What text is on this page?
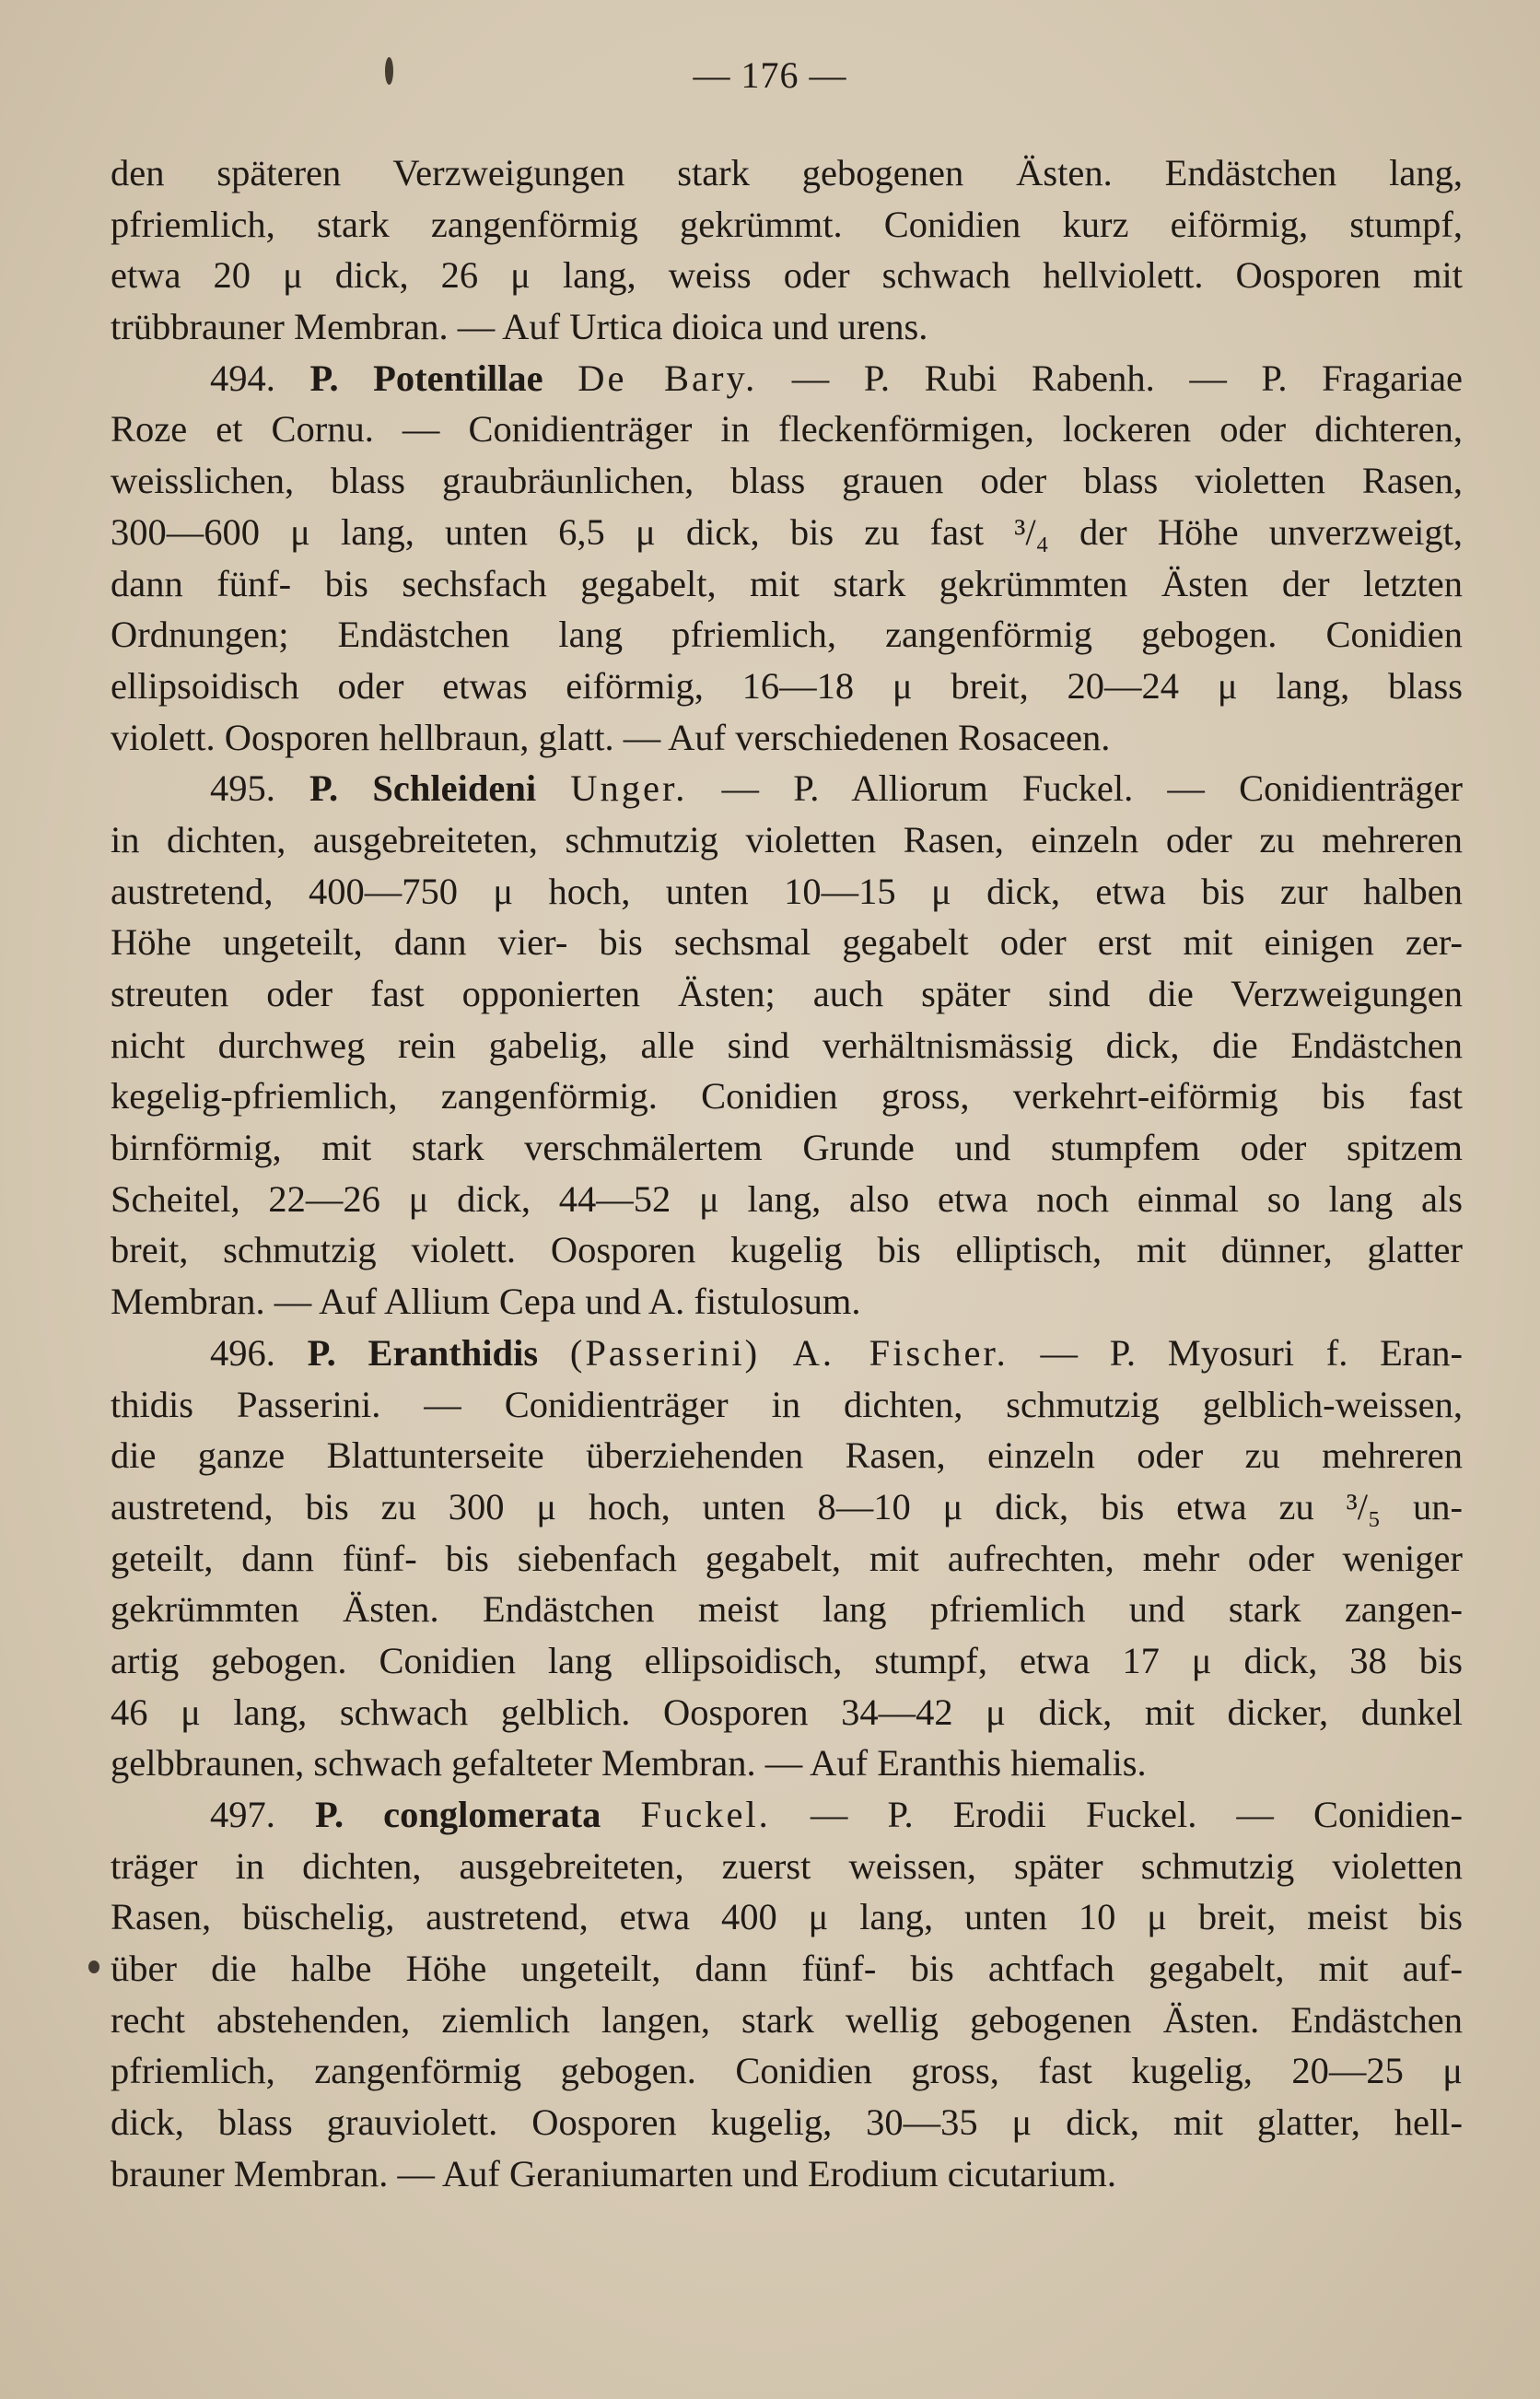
— 176 —
den späteren Verzweigungen stark gebogenen Ästen. Endästchen lang,
pfriemlich, stark zangenförmig gekrümmt. Conidien kurz eiförmig, stumpf,
etwa 20 μ dick, 26 μ lang, weiss oder schwach hellviolett. Oosporen mit
trübbrauner Membran. — Auf Urtica dioica und urens.
494. P. Potentillae De Bary. — P. Rubi Rabenh. — P. Fragariae
Roze et Cornu. — Conidienträger in fleckenförmigen, lockeren oder dichteren,
weisslichen, blass graubräunlichen, blass grauen oder blass violetten Rasen,
300—600 μ lang, unten 6,5 μ dick, bis zu fast ³/₄ der Höhe unverzweigt,
dann fünf- bis sechsfach gegabelt, mit stark gekrümmten Ästen der letzten
Ordnungen; Endästchen lang pfriemlich, zangenförmig gebogen. Conidien
ellipsoidisch oder etwas eiförmig, 16—18 μ breit, 20—24 μ lang, blass
violett. Oosporen hellbraun, glatt. — Auf verschiedenen Rosaceen.
495. P. Schleideni Unger. — P. Alliorum Fuckel. — Conidienträger
in dichten, ausgebreiteten, schmutzig violetten Rasen, einzeln oder zu mehreren
austretend, 400—750 μ hoch, unten 10—15 μ dick, etwa bis zur halben
Höhe ungeteilt, dann vier- bis sechsmal gegabelt oder erst mit einigen zer-
streuten oder fast opponierten Ästen; auch später sind die Verzweigungen
nicht durchweg rein gabelig, alle sind verhältnismässig dick, die Endästchen
kegelig-pfriemlich, zangenförmig. Conidien gross, verkehrt-eiförmig bis fast
birnförmig, mit stark verschmälertem Grunde und stumpfem oder spitzem
Scheitel, 22—26 μ dick, 44—52 μ lang, also etwa noch einmal so lang als
breit, schmutzig violett. Oosporen kugelig bis elliptisch, mit dünner, glatter
Membran. — Auf Allium Cepa und A. fistulosum.
496. P. Eranthidis (Passerini) A. Fischer. — P. Myosuri f. Eran-
thidis Passerini. — Conidienträger in dichten, schmutzig gelblich-weissen,
die ganze Blattunterseite überziehenden Rasen, einzeln oder zu mehreren
austretend, bis zu 300 μ hoch, unten 8—10 μ dick, bis etwa zu ³/₅ un-
geteilt, dann fünf- bis siebenfach gegabelt, mit aufrechten, mehr oder weniger
gekrümmten Ästen. Endästchen meist lang pfriemlich und stark zangen-
artig gebogen. Conidien lang ellipsoidisch, stumpf, etwa 17 μ dick, 38 bis
46 μ lang, schwach gelblich. Oosporen 34—42 μ dick, mit dicker, dunkel
gelbbraunen, schwach gefalteter Membran. — Auf Eranthis hiemalis.
497. P. conglomerata Fuckel. — P. Erodii Fuckel. — Conidien-
träger in dichten, ausgebreiteten, zuerst weissen, später schmutzig violetten
Rasen, büschelig, austretend, etwa 400 μ lang, unten 10 μ breit, meist bis
über die halbe Höhe ungeteilt, dann fünf- bis achtfach gegabelt, mit auf-
recht abstehenden, ziemlich langen, stark wellig gebogenen Ästen. Endästchen
pfriemlich, zangenförmig gebogen. Conidien gross, fast kugelig, 20—25 μ
dick, blass grauviolett. Oosporen kugelig, 30—35 μ dick, mit glatter, hell-
brauner Membran. — Auf Geraniumarten und Erodium cicutarium.
